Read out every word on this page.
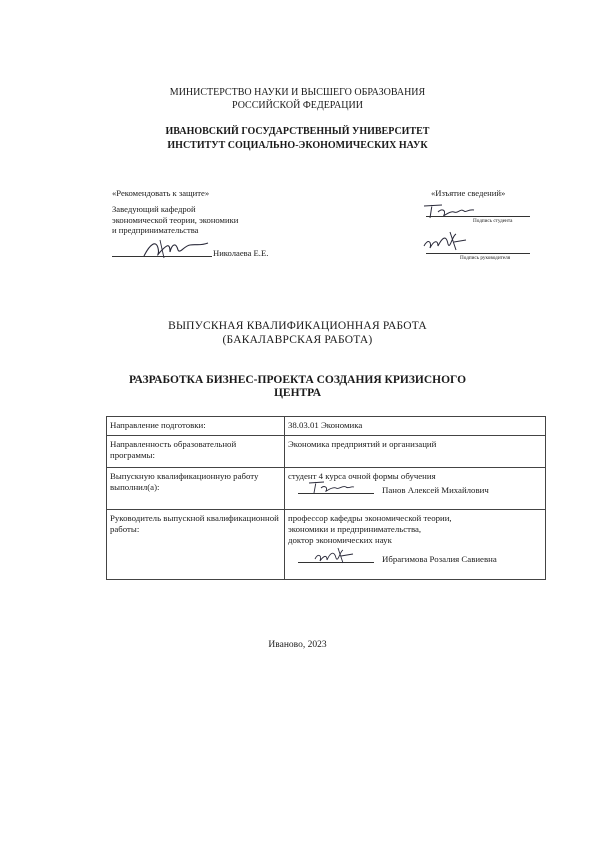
МИНИСТЕРСТВО НАУКИ И ВЫСШЕГО ОБРАЗОВАНИЯ
РОССИЙСКОЙ ФЕДЕРАЦИИ
ИВАНОВСКИЙ ГОСУДАРСТВЕННЫЙ УНИВЕРСИТЕТ
ИНСТИТУТ СОЦИАЛЬНО-ЭКОНОМИЧЕСКИХ НАУК
«Рекомендовать к защите»
Заведующий кафедрой
экономической теории, экономики
и предпринимательства
Николаева Е.Е.
«Изъятие сведений»
Подпись студента
Подпись руководителя
ВЫПУСКНАЯ КВАЛИФИКАЦИОННАЯ РАБОТА
(БАКАЛАВРСКАЯ РАБОТА)
РАЗРАБОТКА БИЗНЕС-ПРОЕКТА СОЗДАНИЯ КРИЗИСНОГО
ЦЕНТРА
Направление подготовки:	38.03.01 Экономика
Направленность образовательной программы:	Экономика предприятий и организаций
Выпускную квалификационную работу выполнил(а):	студент 4 курса очной формы обучения
Панов Алексей Михайлович

Руководитель выпускной квалификационной работы:	профессор кафедры экономической теории,
экономики и предпринимательства,
доктор экономических наук
Ибрагимова Розалия Савиевна
Иваново, 2023
